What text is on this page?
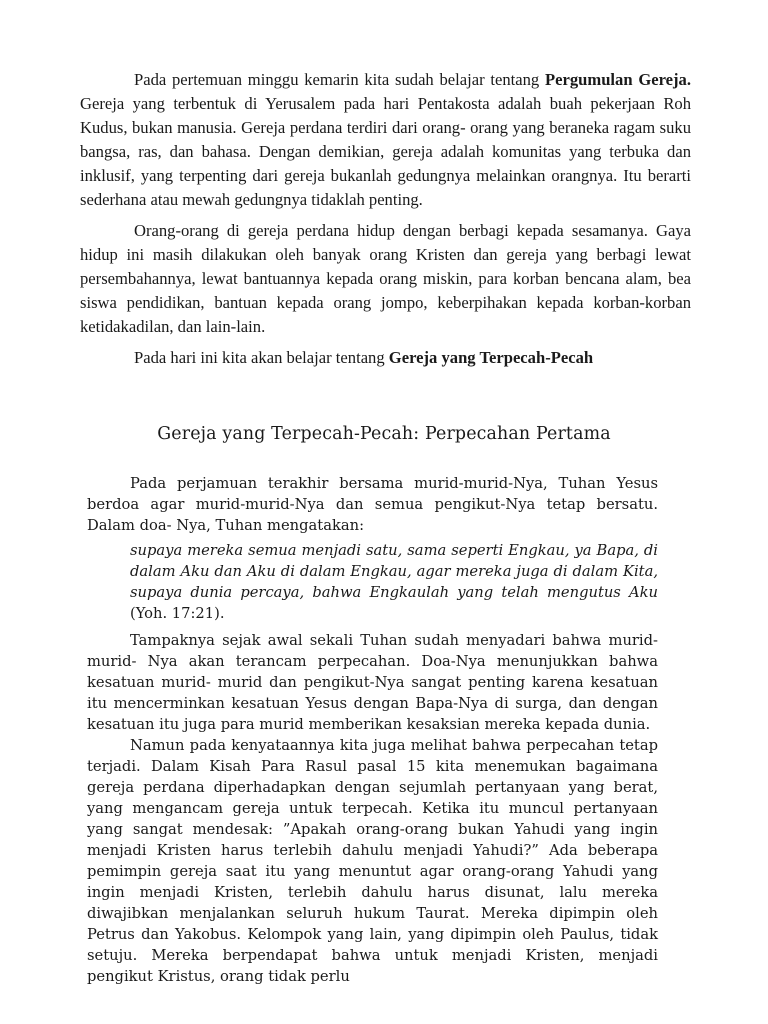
Pada pertemuan minggu kemarin kita sudah belajar tentang Pergumulan Gereja. Gereja yang terbentuk di Yerusalem pada hari Pentakosta adalah buah pekerjaan Roh Kudus, bukan manusia. Gereja perdana terdiri dari orang- orang yang beraneka ragam suku bangsa, ras, dan bahasa. Dengan demikian, gereja adalah komunitas yang terbuka dan inklusif, yang terpenting dari gereja bukanlah gedungnya melainkan orangnya. Itu berarti sederhana atau mewah gedungnya tidaklah penting.

Orang-orang di gereja perdana hidup dengan berbagi kepada sesamanya. Gaya hidup ini masih dilakukan oleh banyak orang Kristen dan gereja yang berbagi lewat persembahannya, lewat bantuannya kepada orang miskin, para korban bencana alam, bea siswa pendidikan, bantuan kepada orang jompo, keberpihakan kepada korban-korban ketidakadilan, dan lain-lain.

Pada hari ini kita akan belajar tentang Gereja yang Terpecah-Pecah

Gereja yang Terpecah-Pecah: Perpecahan Pertama

Pada perjamuan terakhir bersama murid-murid-Nya, Tuhan Yesus berdoa agar murid-murid-Nya dan semua pengikut-Nya tetap bersatu. Dalam doa- Nya, Tuhan mengatakan:

supaya mereka semua menjadi satu, sama seperti Engkau, ya Bapa, di dalam Aku dan Aku di dalam Engkau, agar mereka juga di dalam Kita, supaya dunia percaya, bahwa Engkaulah yang telah mengutus Aku (Yoh. 17:21).

Tampaknya sejak awal sekali Tuhan sudah menyadari bahwa murid-murid- Nya akan terancam perpecahan. Doa-Nya menunjukkan bahwa kesatuan murid- murid dan pengikut-Nya sangat penting karena kesatuan itu mencerminkan kesatuan Yesus dengan Bapa-Nya di surga, dan dengan kesatuan itu juga para murid memberikan kesaksian mereka kepada dunia.

Namun pada kenyataannya kita juga melihat bahwa perpecahan tetap terjadi. Dalam Kisah Para Rasul pasal 15 kita menemukan bagaimana gereja perdana diperhadapkan dengan sejumlah pertanyaan yang berat, yang mengancam gereja untuk terpecah. Ketika itu muncul pertanyaan yang sangat mendesak: ”Apakah orang-orang bukan Yahudi yang ingin menjadi Kristen harus terlebih dahulu menjadi Yahudi?” Ada beberapa pemimpin gereja saat itu yang menuntut agar orang-orang Yahudi yang ingin menjadi Kristen, terlebih dahulu harus disunat, lalu mereka diwajibkan menjalankan seluruh hukum Taurat. Mereka dipimpin oleh Petrus dan Yakobus. Kelompok yang lain, yang dipimpin oleh Paulus, tidak setuju. Mereka berpendapat bahwa untuk menjadi Kristen, menjadi pengikut Kristus, orang tidak perlu
